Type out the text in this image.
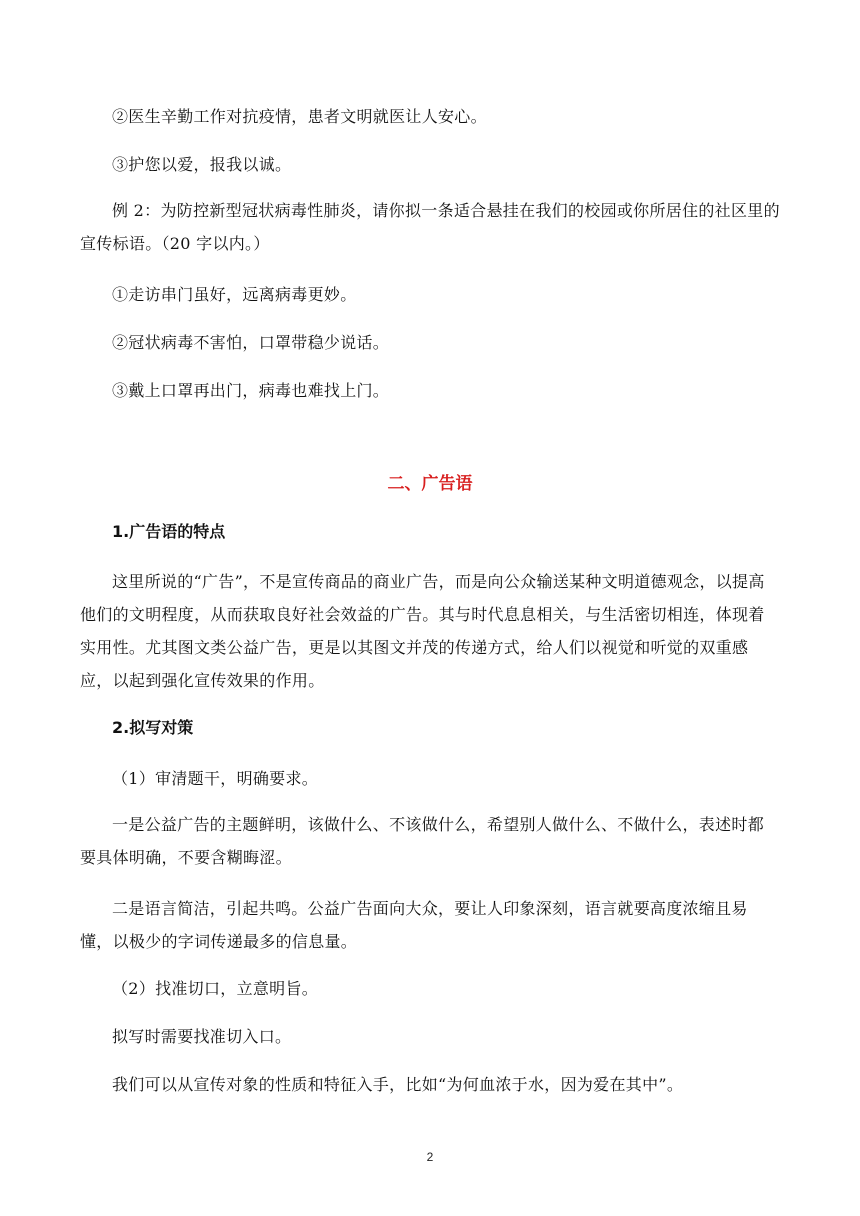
②医生辛勤工作对抗疫情，患者文明就医让人安心。

③护您以爱，报我以诚。

例 2：为防控新型冠状病毒性肺炎，请你拟一条适合悬挂在我们的校园或你所居住的社区里的宣传标语。（20 字以内。）

①走访串门虽好，远离病毒更妙。

②冠状病毒不害怕，口罩带稳少说话。

③戴上口罩再出门，病毒也难找上门。

二、广告语
1.广告语的特点

这里所说的“广告”，不是宣传商品的商业广告，而是向公众输送某种文明道德观念，以提高他们的文明程度，从而获取良好社会效益的广告。其与时代息息相关，与生活密切相连，体现着实用性。尤其图文类公益广告，更是以其图文并茂的传递方式，给人们以视觉和听觉的双重感应，以起到强化宣传效果的作用。

2.拟写对策

（1）审清题干，明确要求。

一是公益广告的主题鲜明，该做什么、不该做什么，希望别人做什么、不做什么，表述时都要具体明确，不要含糊晦涩。

二是语言简洁，引起共鸣。公益广告面向大众，要让人印象深刻，语言就要高度浓缩且易懂，以极少的字词传递最多的信息量。

（2）找准切口，立意明旨。

拟写时需要找准切入口。

我们可以从宣传对象的性质和特征入手，比如“为何血浓于水，因为爱在其中”。

2
